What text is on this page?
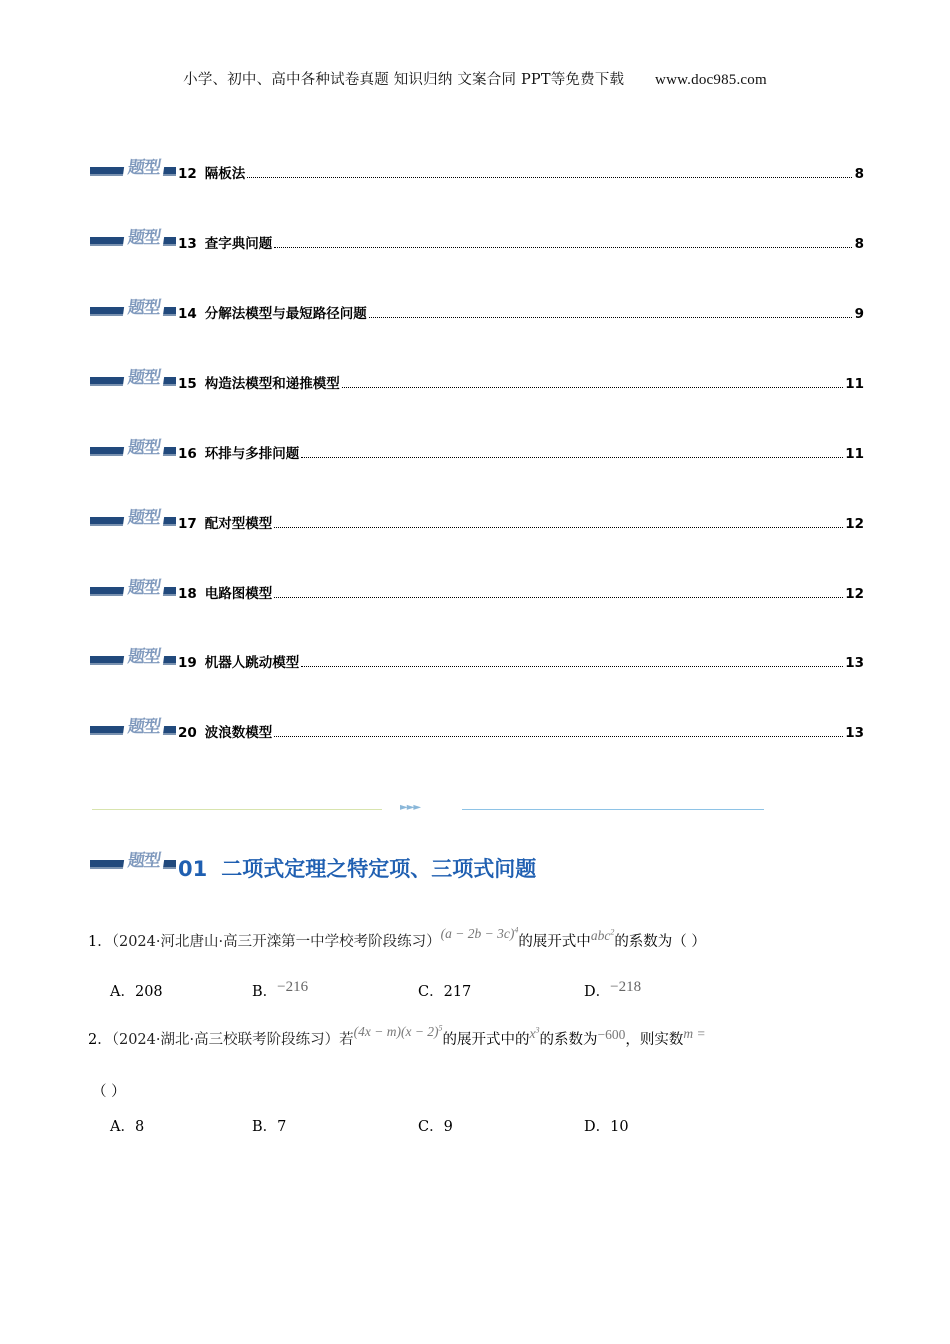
小学、初中、高中各种试卷真题 知识归纳 文案合同 PPT等免费下载 www.doc985.com
题型	12 隔板法	8
题型	13 查字典问题	8
题型	14 分解法模型与最短路径问题	9
题型	15 构造法模型和递推模型	11
题型	16 环排与多排问题	11
题型	17 配对型模型	12
题型	18 电路图模型	12
题型	19 机器人跳动模型	13
题型	20 波浪数模型	13
►►►
题型 01 二项式定理之特定项、三项式问题
1．（2024·河北唐山·高三开滦第一中学校考阶段练习）$(a - 2b - 3c)^4$的展开式中abc$^2$的系数为（ ）
A．208	B．−216	C．217	D．−218
2．（2024·湖北·高三校联考阶段练习）若$(4x - m)(x - 2)^5$的展开式中的$x^3$的系数为−600，则实数m =
（ ）
A．8	B．7	C．9	D．10
